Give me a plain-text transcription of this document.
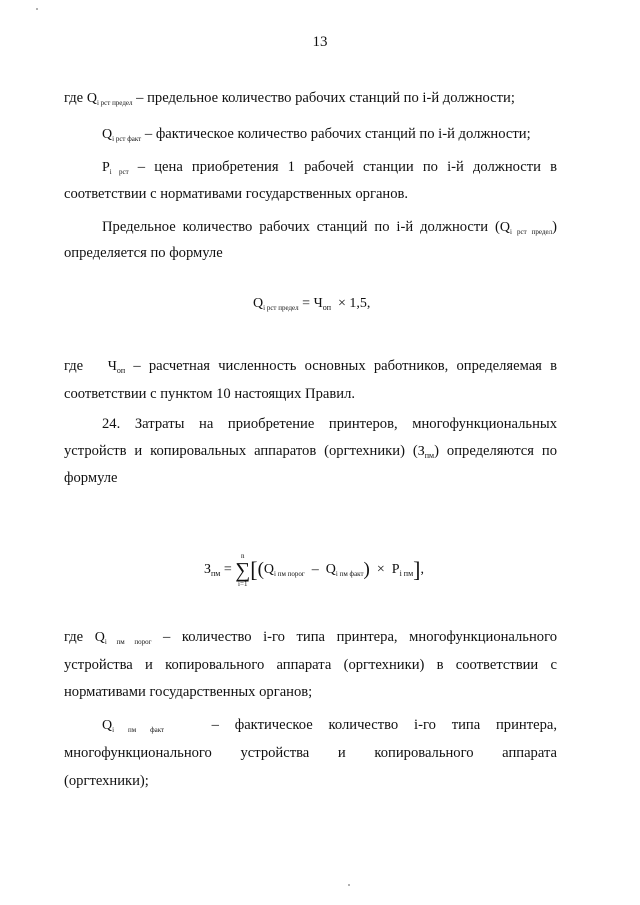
13
где $Q_{i рст предел}$ – предельное количество рабочих станций по i-й должности;
$Q_{i рст факт}$ – фактическое количество рабочих станций по i-й должности;
$P_{i рст}$ – цена приобретения 1 рабочей станции по i-й должности в
соответствии с нормативами государственных органов.
Предельное количество рабочих станций по i-й должности $(Q_{i рст предел})$
определяется по формуле
$Q_{i рст предел} = Ч_{оп} \times 1,5$,
где $Ч_{оп}$ – расчетная численность основных работников, определяемая в
соответствии с пунктом 10 настоящих Правил.
24. Затраты на приобретение принтеров, многофункциональных
устройств и копировальных аппаратов (оргтехники) $(З_{пм})$ определяются по
формуле
$З_{пм}$ =
n
∑
i=1
$[(Q_{i пм порог} - Q_{i пм факт}) \times P_{i пм}]$,
где $Q_{i пм порог}$ – количество i-го типа принтера, многофункционального
устройства и копировального аппарата (оргтехники) в соответствии с
нормативами государственных органов;
$Q_{i пм факт}$	– фактическое количество i-го типа принтера,
многофункционального устройства и копировального аппарата
(оргтехники);
